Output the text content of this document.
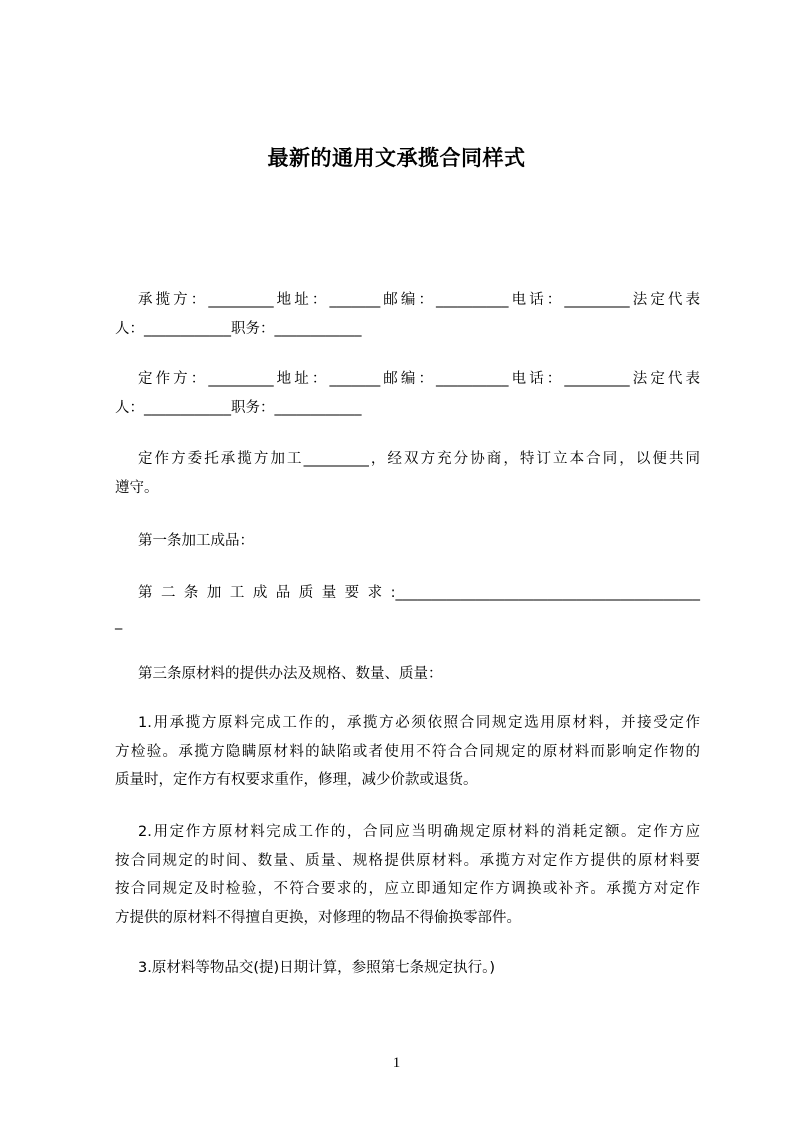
最新的通用文承揽合同样式
承揽方：_________地址：_______邮编：__________电话：_________法定代表
人：____________职务：____________
定作方：_________地址：_______邮编：__________电话：_________法定代表
人：____________职务：____________
定作方委托承揽方加工_________，经双方充分协商，特订立本合同，以便共同
遵守。
第一条加工成品：
第二条加工成品质量要求:__________________________________________
_
第三条原材料的提供办法及规格、数量、质量：
1.用承揽方原料完成工作的，承揽方必须依照合同规定选用原材料，并接受定作
方检验。承揽方隐瞒原材料的缺陷或者使用不符合合同规定的原材料而影响定作物的
质量时，定作方有权要求重作，修理，减少价款或退货。
2.用定作方原材料完成工作的，合同应当明确规定原材料的消耗定额。定作方应
按合同规定的时间、数量、质量、规格提供原材料。承揽方对定作方提供的原材料要
按合同规定及时检验，不符合要求的，应立即通知定作方调换或补齐。承揽方对定作
方提供的原材料不得擅自更换，对修理的物品不得偷换零部件。
3.原材料等物品交(提)日期计算，参照第七条规定执行。)
1
